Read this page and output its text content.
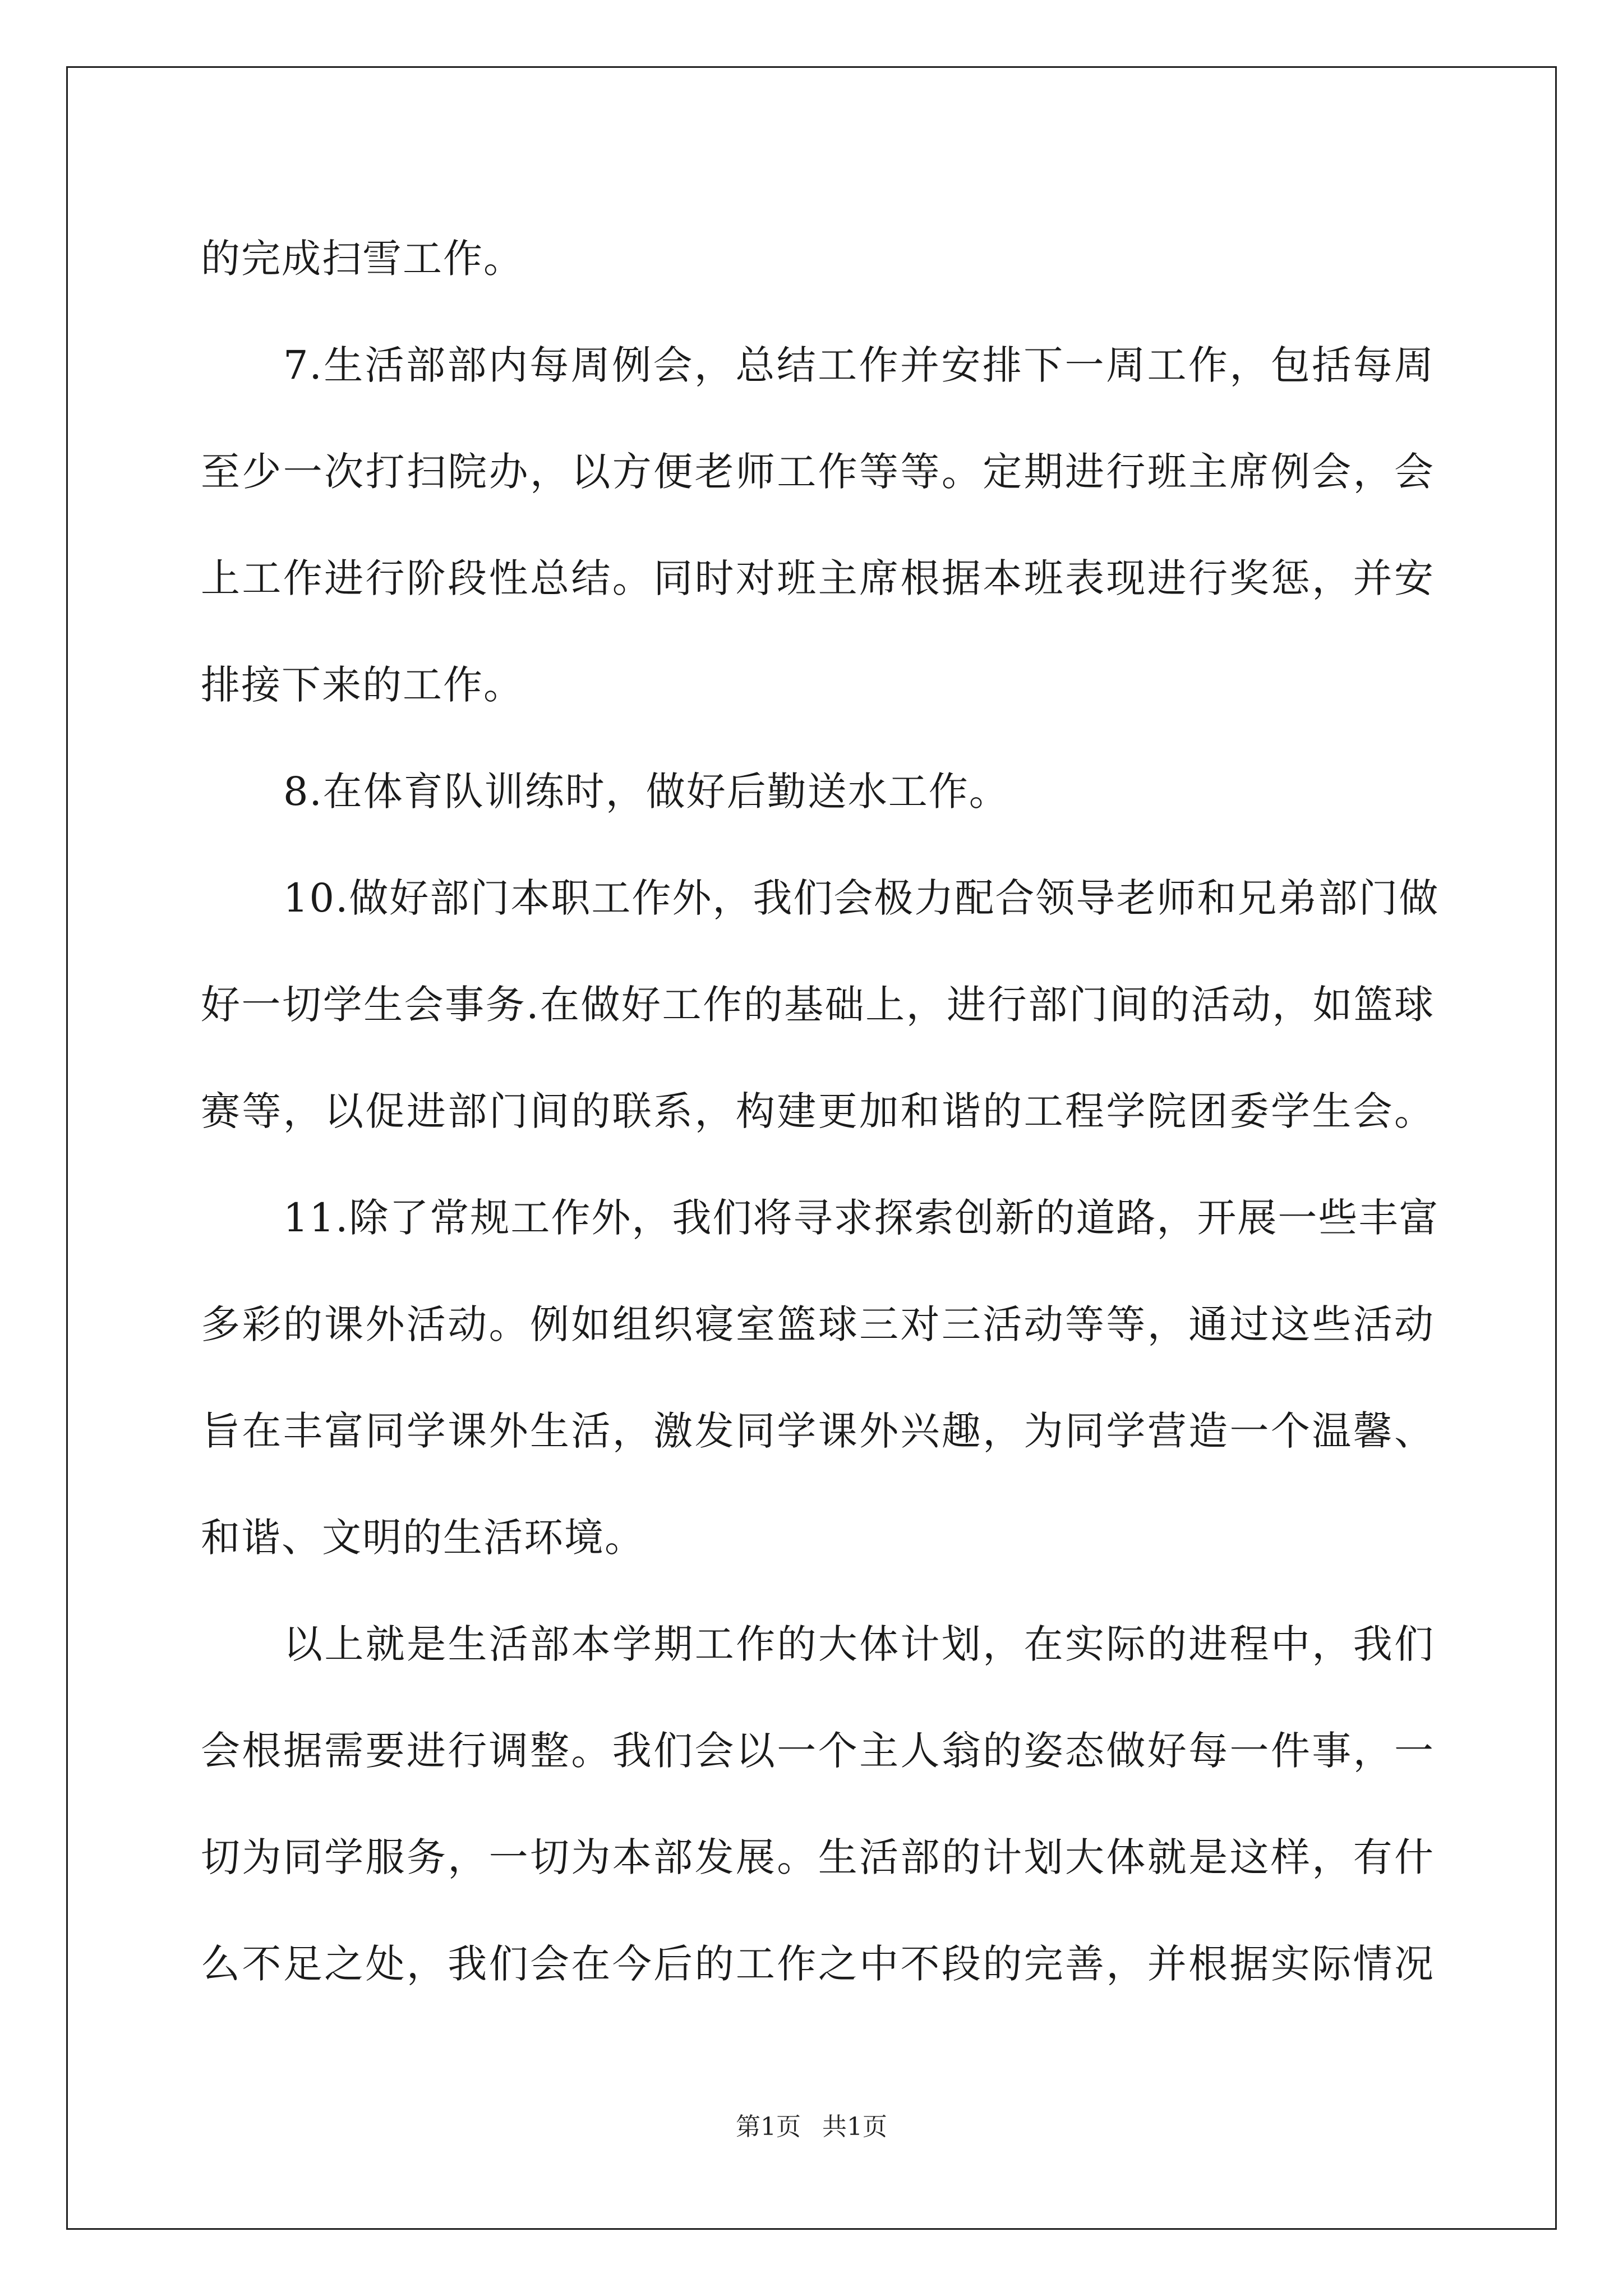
的完成扫雪工作。
7.生活部部内每周例会，总结工作并安排下一周工作，包括每周
至少一次打扫院办，以方便老师工作等等。定期进行班主席例会，会
上工作进行阶段性总结。同时对班主席根据本班表现进行奖惩，并安
排接下来的工作。
8.在体育队训练时，做好后勤送水工作。
10.做好部门本职工作外，我们会极力配合领导老师和兄弟部门做
好一切学生会事务.在做好工作的基础上，进行部门间的活动，如篮球
赛等，以促进部门间的联系，构建更加和谐的工程学院团委学生会。
11.除了常规工作外，我们将寻求探索创新的道路，开展一些丰富
多彩的课外活动。例如组织寝室篮球三对三活动等等，通过这些活动
旨在丰富同学课外生活，激发同学课外兴趣，为同学营造一个温馨、
和谐、文明的生活环境。
以上就是生活部本学期工作的大体计划，在实际的进程中，我们
会根据需要进行调整。我们会以一个主人翁的姿态做好每一件事，一
切为同学服务，一切为本部发展。生活部的计划大体就是这样，有什
么不足之处，我们会在今后的工作之中不段的完善，并根据实际情况
第1页 共1页
